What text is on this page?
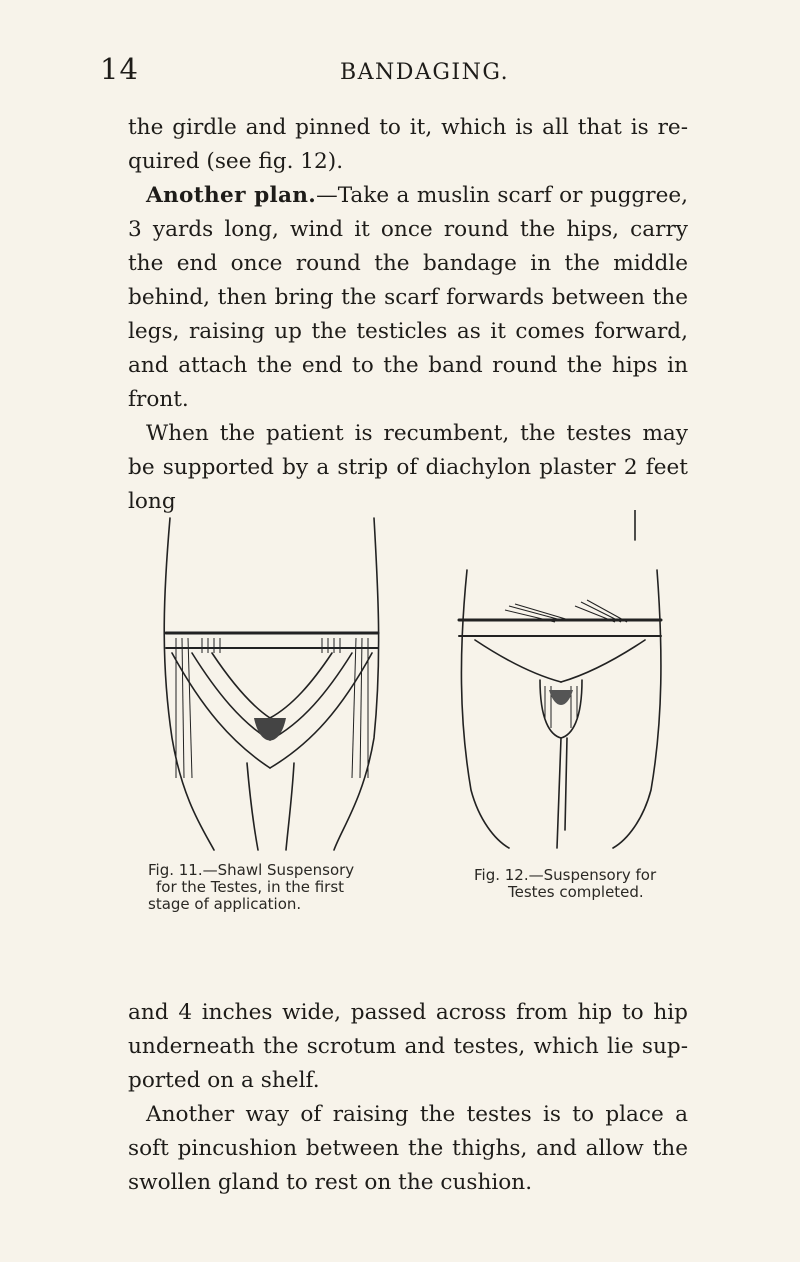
14	BANDAGING.

the girdle and pinned to it, which is all that is re-quired (see fig. 12).

Another plan.—Take a muslin scarf or puggree, 3 yards long, wind it once round the hips, carry the end once round the bandage in the middle behind, then bring the scarf forwards between the legs, raising up the testicles as it comes forward, and attach the end to the band round the hips in front.

When the patient is recumbent, the testes may be supported by a strip of diachylon plaster 2 feet long

Fig. 11.—Shawl Suspensory
for the Testes, in the first
stage of application.
Fig. 12.—Suspensory for
Testes completed.

and 4 inches wide, passed across from hip to hip underneath the scrotum and testes, which lie sup-ported on a shelf.

Another way of raising the testes is to place a soft pincushion between the thighs, and allow the swollen gland to rest on the cushion.
